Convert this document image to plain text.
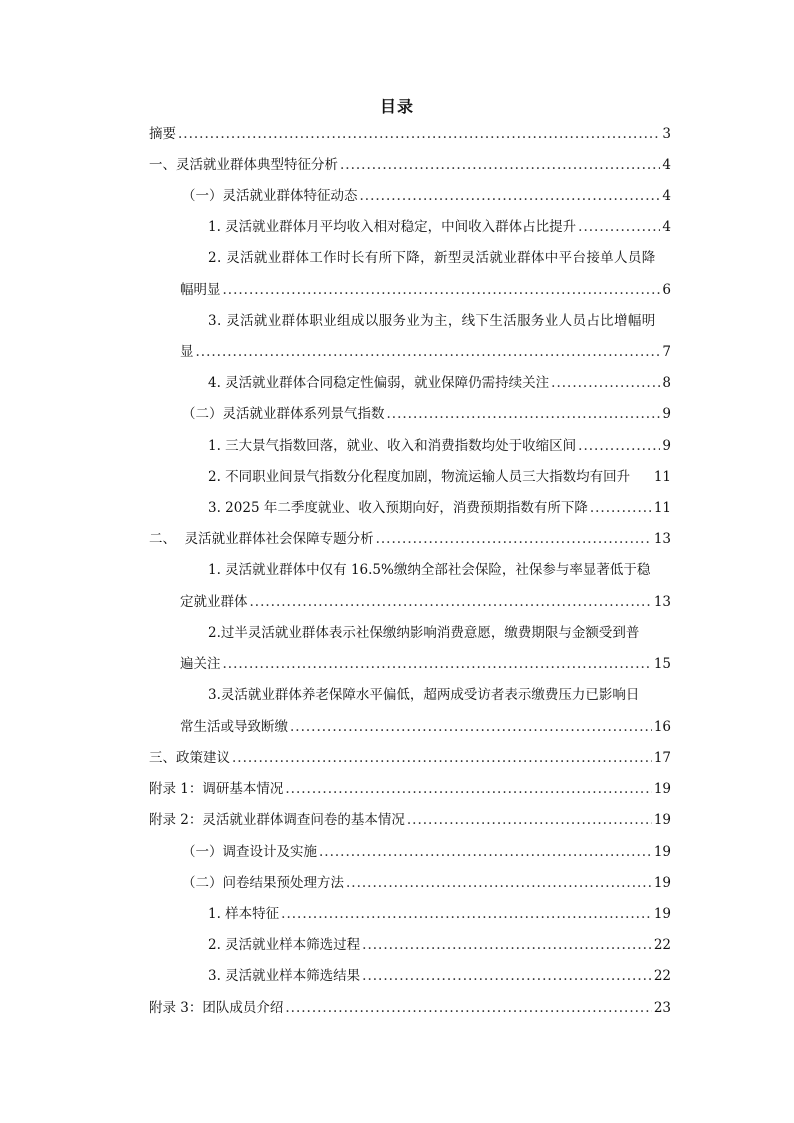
目录
摘要 .....	3
一、灵活就业群体典型特征分析 .....	4
（一）灵活就业群体特征动态 .....	4
1. 灵活就业群体月平均收入相对稳定，中间收入群体占比提升 .....	4
2. 灵活就业群体工作时长有所下降，新型灵活就业群体中平台接单人员降
幅明显 .....	6
3. 灵活就业群体职业组成以服务业为主，线下生活服务业人员占比增幅明
显 .....	7
4. 灵活就业群体合同稳定性偏弱，就业保障仍需持续关注 .....	8
（二）灵活就业群体系列景气指数 .....	9
1. 三大景气指数回落，就业、收入和消费指数均处于收缩区间 .....	9
2. 不同职业间景气指数分化程度加剧，物流运输人员三大指数均有回升	11
3. 2025 年二季度就业、收入预期向好，消费预期指数有所下降 .....	11
二、  灵活就业群体社会保障专题分析 .....	13
1. 灵活就业群体中仅有 16.5%缴纳全部社会保险，社保参与率显著低于稳
定就业群体 .....	13
2.过半灵活就业群体表示社保缴纳影响消费意愿，缴费期限与金额受到普
遍关注 .....	15
3.灵活就业群体养老保障水平偏低，超两成受访者表示缴费压力已影响日
常生活或导致断缴 .....	16
三、政策建议 .....	17
附录 1：调研基本情况 .....	19
附录 2：灵活就业群体调查问卷的基本情况 .....	19
（一）调查设计及实施 .....	19
（二）问卷结果预处理方法 .....	19
1. 样本特征 .....	19
2. 灵活就业样本筛选过程 .....	22
3. 灵活就业样本筛选结果 .....	22
附录 3：团队成员介绍 .....	23
